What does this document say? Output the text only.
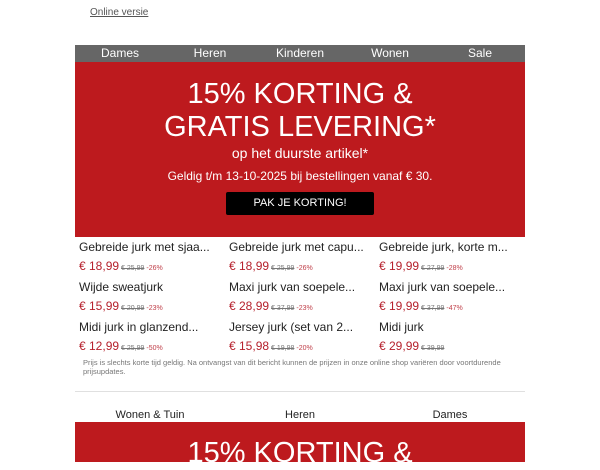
Online versie
Dames	Heren	Kinderen	Wonen	Sale
15% KORTING &
GRATIS LEVERING*
op het duurste artikel*
Geldig t/m 13-10-2025 bij bestellingen vanaf € 30.
PAK JE KORTING!
Gebreide jurk met sjaa...
€ 18,99 € 25,99 -26%
Gebreide jurk met capu...
€ 18,99 € 25,99 -26%
Gebreide jurk, korte m...
€ 19,99 € 27,99 -28%
Wijde sweatjurk
€ 15,99 € 20,99 -23%
Maxi jurk van soepele...
€ 28,99 € 37,99 -23%
Maxi jurk van soepele...
€ 19,99 € 37,99 -47%
Midi jurk in glanzend...
€ 12,99 € 25,99 -50%
Jersey jurk (set van 2...
€ 15,98 € 19,98 -20%
Midi jurk
€ 29,99 € 39,99

Prijs is slechts korte tijd geldig. Na ontvangst van dit bericht kunnen de prijzen in onze online shop variëren door voortdurende prijsupdates.

Wonen & Tuin	Heren	Dames
15% KORTING &
